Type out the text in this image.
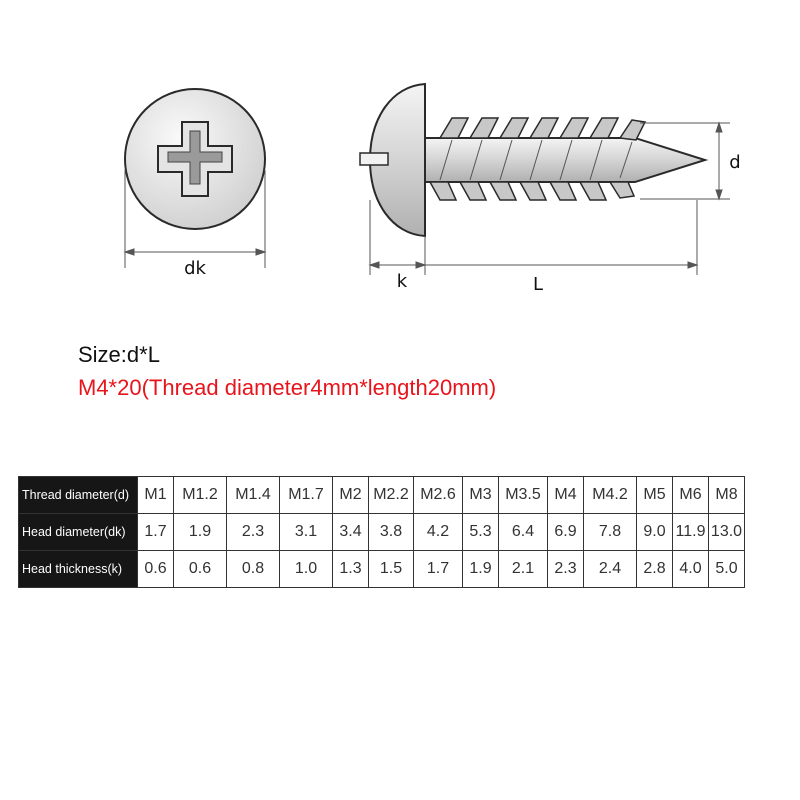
dk
k	L
d
Size:d*L
M4*20(Thread diameter4mm*length20mm)
Thread diameter(d)	M1	M1.2	M1.4	M1.7	M2	M2.2	M2.6	M3	M3.5	M4	M4.2	M5	M6	M8
Head diameter(dk)	1.7	1.9	2.3	3.1	3.4	3.8	4.2	5.3	6.4	6.9	7.8	9.0	11.9	13.0
Head thickness(k)	0.6	0.6	0.8	1.0	1.3	1.5	1.7	1.9	2.1	2.3	2.4	2.8	4.0	5.0
